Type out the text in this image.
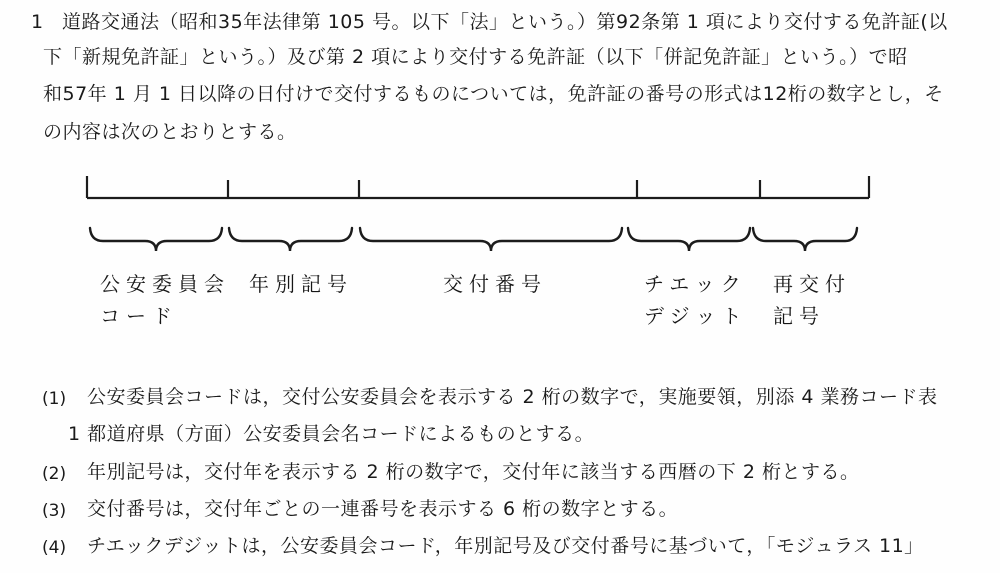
1 道路交通法（昭和35年法律第 105 号。以下「法」という。）第92条第 1 項により交付する免許証(以
下「新規免許証」という。）及び第 2 項により交付する免許証（以下「併記免許証」という。）で昭
和57年 1 月 1 日以降の日付けで交付するものについては，免許証の番号の形式は12桁の数字とし，そ
の内容は次のとおりとする。
公安委員会
コード
年別記号	交付番号	チエック
デジット
再交付
記号
(1) 公安委員会コードは，交付公安委員会を表示する 2 桁の数字で，実施要領，別添 4 業務コード表
1 都道府県（方面）公安委員会名コードによるものとする。
(2) 年別記号は，交付年を表示する 2 桁の数字で，交付年に該当する西暦の下 2 桁とする。
(3) 交付番号は，交付年ごとの一連番号を表示する 6 桁の数字とする。
(4) チエックデジットは，公安委員会コード，年別記号及び交付番号に基づいて，「モジュラス 11」
